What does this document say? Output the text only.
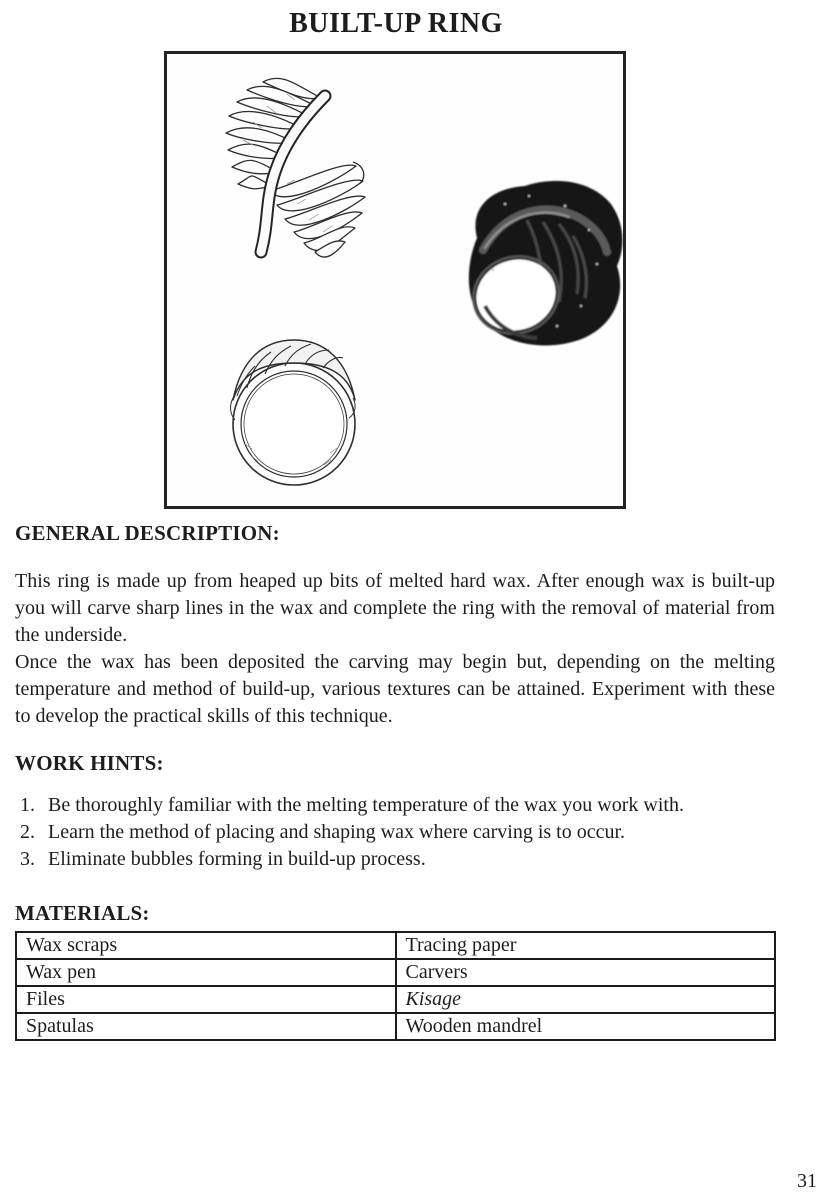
BUILT-UP RING
GENERAL DESCRIPTION:

This ring is made up from heaped up bits of melted hard wax. After enough wax is built-up you will carve sharp lines in the wax and complete the ring with the removal of material from the underside.

Once the wax has been deposited the carving may begin but, depending on the melting temperature and method of build-up, various textures can be attained. Experiment with these to develop the practical skills of this technique.

WORK HINTS:
1. Be thoroughly familiar with the melting temperature of the wax you work with.
2. Learn the method of placing and shaping wax where carving is to occur.
3. Eliminate bubbles forming in build-up process.
MATERIALS:
Wax scraps	Tracing paper
Wax pen	Carvers
Files	Kisage
Spatulas	Wooden mandrel
31
